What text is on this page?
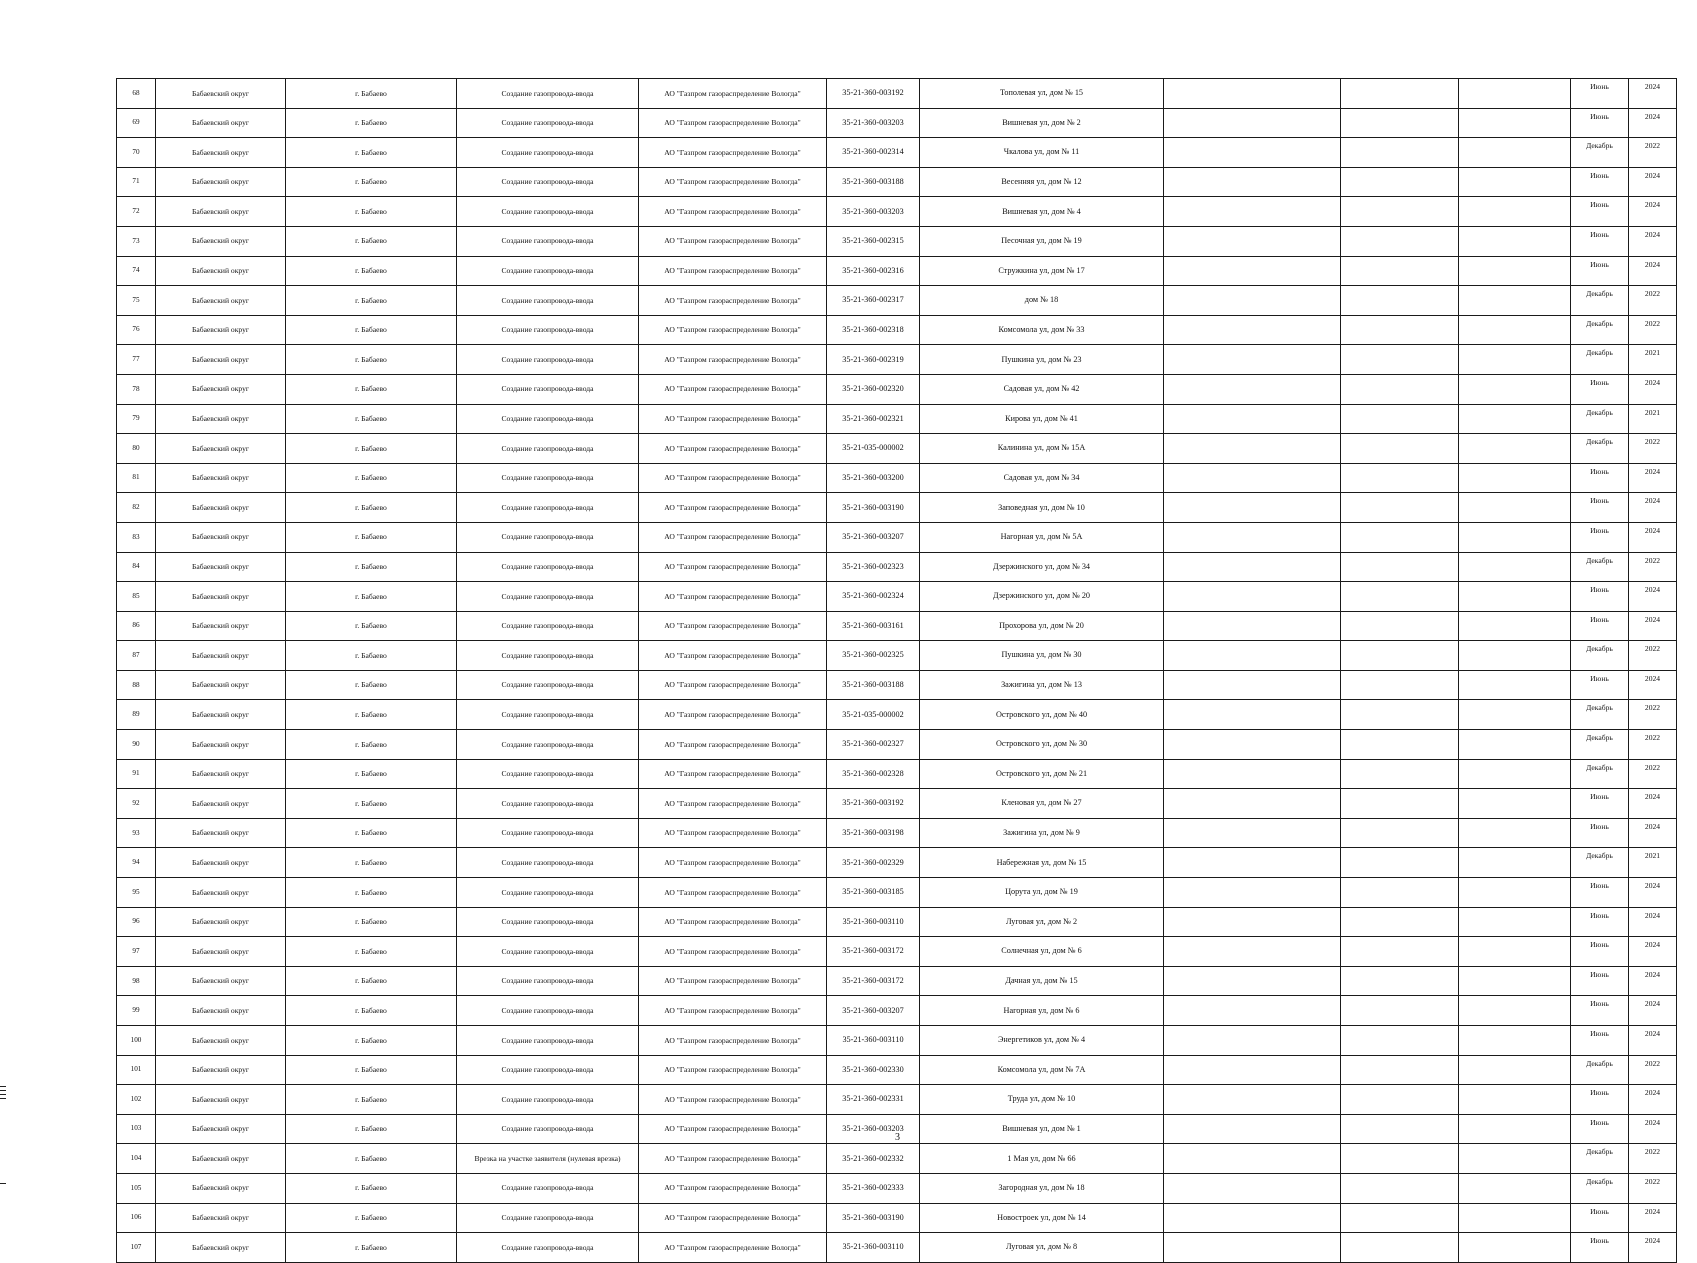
68	Бабаевский округ	г. Бабаево	Создание газопровода-ввода	АО "Газпром газораспределение Вологда"	35-21-360-003192	Тополевая ул, дом № 15				Июнь	2024
69	Бабаевский округ	г. Бабаево	Создание газопровода-ввода	АО "Газпром газораспределение Вологда"	35-21-360-003203	Вишневая ул, дом № 2				Июнь	2024
70	Бабаевский округ	г. Бабаево	Создание газопровода-ввода	АО "Газпром газораспределение Вологда"	35-21-360-002314	Чкалова ул, дом № 11				Декабрь	2022
71	Бабаевский округ	г. Бабаево	Создание газопровода-ввода	АО "Газпром газораспределение Вологда"	35-21-360-003188	Весенняя ул, дом № 12				Июнь	2024
72	Бабаевский округ	г. Бабаево	Создание газопровода-ввода	АО "Газпром газораспределение Вологда"	35-21-360-003203	Вишневая ул, дом № 4				Июнь	2024
73	Бабаевский округ	г. Бабаево	Создание газопровода-ввода	АО "Газпром газораспределение Вологда"	35-21-360-002315	Песочная ул, дом № 19				Июнь	2024
74	Бабаевский округ	г. Бабаево	Создание газопровода-ввода	АО "Газпром газораспределение Вологда"	35-21-360-002316	Стружкина ул, дом № 17				Июнь	2024
75	Бабаевский округ	г. Бабаево	Создание газопровода-ввода	АО "Газпром газораспределение Вологда"	35-21-360-002317	дом № 18				Декабрь	2022
76	Бабаевский округ	г. Бабаево	Создание газопровода-ввода	АО "Газпром газораспределение Вологда"	35-21-360-002318	Комсомола ул, дом № 33				Декабрь	2022
77	Бабаевский округ	г. Бабаево	Создание газопровода-ввода	АО "Газпром газораспределение Вологда"	35-21-360-002319	Пушкина ул, дом № 23				Декабрь	2021
78	Бабаевский округ	г. Бабаево	Создание газопровода-ввода	АО "Газпром газораспределение Вологда"	35-21-360-002320	Садовая ул, дом № 42				Июнь	2024
79	Бабаевский округ	г. Бабаево	Создание газопровода-ввода	АО "Газпром газораспределение Вологда"	35-21-360-002321	Кирова ул, дом № 41				Декабрь	2021
80	Бабаевский округ	г. Бабаево	Создание газопровода-ввода	АО "Газпром газораспределение Вологда"	35-21-035-000002	Калинина ул, дом № 15А				Декабрь	2022
81	Бабаевский округ	г. Бабаево	Создание газопровода-ввода	АО "Газпром газораспределение Вологда"	35-21-360-003200	Садовая ул, дом № 34				Июнь	2024
82	Бабаевский округ	г. Бабаево	Создание газопровода-ввода	АО "Газпром газораспределение Вологда"	35-21-360-003190	Заповедная ул, дом № 10				Июнь	2024
83	Бабаевский округ	г. Бабаево	Создание газопровода-ввода	АО "Газпром газораспределение Вологда"	35-21-360-003207	Нагорная ул, дом № 5А				Июнь	2024
84	Бабаевский округ	г. Бабаево	Создание газопровода-ввода	АО "Газпром газораспределение Вологда"	35-21-360-002323	Дзержинского ул, дом № 34				Декабрь	2022
85	Бабаевский округ	г. Бабаево	Создание газопровода-ввода	АО "Газпром газораспределение Вологда"	35-21-360-002324	Дзержинского ул, дом № 20				Июнь	2024
86	Бабаевский округ	г. Бабаево	Создание газопровода-ввода	АО "Газпром газораспределение Вологда"	35-21-360-003161	Прохорова ул, дом № 20				Июнь	2024
87	Бабаевский округ	г. Бабаево	Создание газопровода-ввода	АО "Газпром газораспределение Вологда"	35-21-360-002325	Пушкина ул, дом № 30				Декабрь	2022
88	Бабаевский округ	г. Бабаево	Создание газопровода-ввода	АО "Газпром газораспределение Вологда"	35-21-360-003188	Зажигина ул, дом № 13				Июнь	2024
89	Бабаевский округ	г. Бабаево	Создание газопровода-ввода	АО "Газпром газораспределение Вологда"	35-21-035-000002	Островского ул, дом № 40				Декабрь	2022
90	Бабаевский округ	г. Бабаево	Создание газопровода-ввода	АО "Газпром газораспределение Вологда"	35-21-360-002327	Островского ул, дом № 30				Декабрь	2022
91	Бабаевский округ	г. Бабаево	Создание газопровода-ввода	АО "Газпром газораспределение Вологда"	35-21-360-002328	Островского ул, дом № 21				Декабрь	2022
92	Бабаевский округ	г. Бабаево	Создание газопровода-ввода	АО "Газпром газораспределение Вологда"	35-21-360-003192	Кленовая ул, дом № 27				Июнь	2024
93	Бабаевский округ	г. Бабаево	Создание газопровода-ввода	АО "Газпром газораспределение Вологда"	35-21-360-003198	Зажигина ул, дом № 9				Июнь	2024
94	Бабаевский округ	г. Бабаево	Создание газопровода-ввода	АО "Газпром газораспределение Вологда"	35-21-360-002329	Набережная ул, дом № 15				Декабрь	2021
95	Бабаевский округ	г. Бабаево	Создание газопровода-ввода	АО "Газпром газораспределение Вологда"	35-21-360-003185	Цорута ул, дом № 19				Июнь	2024
96	Бабаевский округ	г. Бабаево	Создание газопровода-ввода	АО "Газпром газораспределение Вологда"	35-21-360-003110	Луговая ул, дом № 2				Июнь	2024
97	Бабаевский округ	г. Бабаево	Создание газопровода-ввода	АО "Газпром газораспределение Вологда"	35-21-360-003172	Солнечная ул, дом № 6				Июнь	2024
98	Бабаевский округ	г. Бабаево	Создание газопровода-ввода	АО "Газпром газораспределение Вологда"	35-21-360-003172	Дачная ул, дом № 15				Июнь	2024
99	Бабаевский округ	г. Бабаево	Создание газопровода-ввода	АО "Газпром газораспределение Вологда"	35-21-360-003207	Нагорная ул, дом № 6				Июнь	2024
100	Бабаевский округ	г. Бабаево	Создание газопровода-ввода	АО "Газпром газораспределение Вологда"	35-21-360-003110	Энергетиков ул, дом № 4				Июнь	2024
101	Бабаевский округ	г. Бабаево	Создание газопровода-ввода	АО "Газпром газораспределение Вологда"	35-21-360-002330	Комсомола ул, дом № 7А				Декабрь	2022
102	Бабаевский округ	г. Бабаево	Создание газопровода-ввода	АО "Газпром газораспределение Вологда"	35-21-360-002331	Труда ул, дом № 10				Июнь	2024
103	Бабаевский округ	г. Бабаево	Создание газопровода-ввода	АО "Газпром газораспределение Вологда"	35-21-360-003203	Вишневая ул, дом № 1				Июнь	2024
104	Бабаевский округ	г. Бабаево	Врезка на участке заявителя (нулевая врезка)	АО "Газпром газораспределение Вологда"	35-21-360-002332	1 Мая ул, дом № 66				Декабрь	2022
105	Бабаевский округ	г. Бабаево	Создание газопровода-ввода	АО "Газпром газораспределение Вологда"	35-21-360-002333	Загородная ул, дом № 18				Декабрь	2022
106	Бабаевский округ	г. Бабаево	Создание газопровода-ввода	АО "Газпром газораспределение Вологда"	35-21-360-003190	Новостроек ул, дом № 14				Июнь	2024
107	Бабаевский округ	г. Бабаево	Создание газопровода-ввода	АО "Газпром газораспределение Вологда"	35-21-360-003110	Луговая ул, дом № 8				Июнь	2024
3
